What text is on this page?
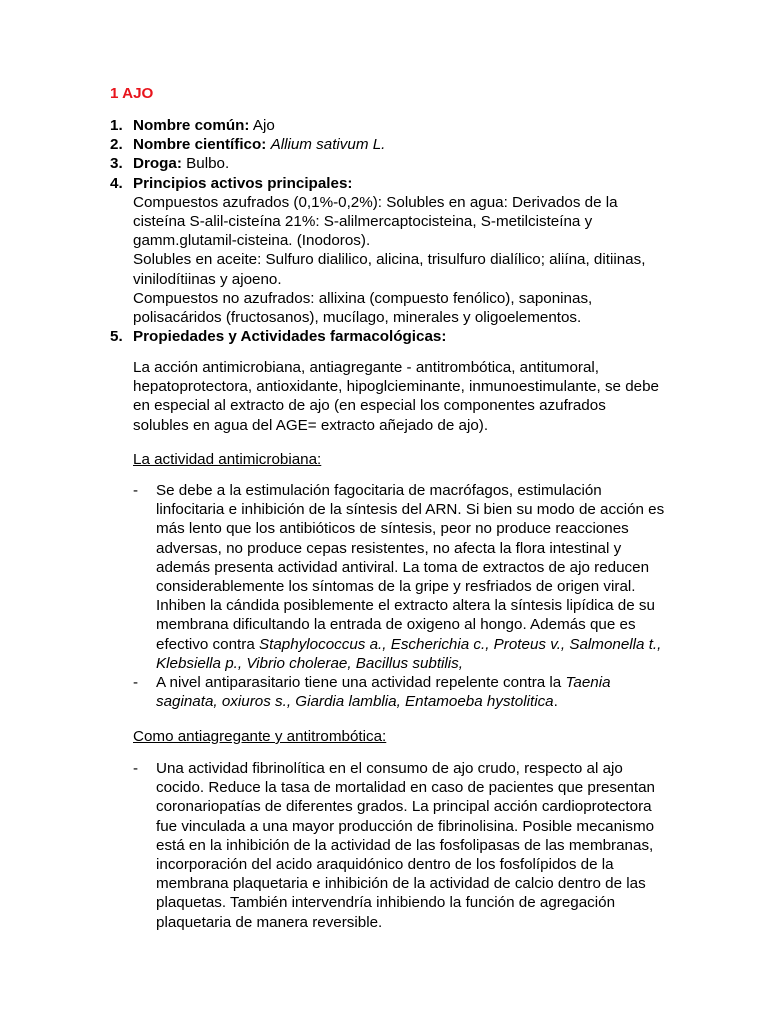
1 AJO
1. Nombre común: Ajo
2. Nombre científico: Allium sativum L.
3. Droga: Bulbo.
4. Principios activos principales:
Compuestos azufrados (0,1%-0,2%): Solubles en agua: Derivados de la cisteína S-alil-cisteína 21%: S-alilmercaptocisteina, S-metilcisteína y gamm.glutamil-cisteina. (Inodoros).
Solubles en aceite: Sulfuro dialilico, alicina, trisulfuro dialílico; aliína, ditiinas, vinilodítiinas y ajoeno.
Compuestos no azufrados: allixina (compuesto fenólico), saponinas, polisacáridos (fructosanos), mucílago, minerales y oligoelementos.
5. Propiedades y Actividades farmacológicas:
La acción antimicrobiana, antiagregante - antitrombótica, antitumoral, hepatoprotectora, antioxidante, hipoglcieminante, inmunoestimulante, se debe en especial al extracto de ajo (en especial los componentes azufrados solubles en agua del AGE= extracto añejado de ajo).

La actividad antimicrobiana:

- Se debe a la estimulación fagocitaria de macrófagos, estimulación linfocitaria e inhibición de la síntesis del ARN. Si bien su modo de acción es más lento que los antibióticos de síntesis, peor no produce reacciones adversas, no produce cepas resistentes, no afecta la flora intestinal y además presenta actividad antiviral. La toma de extractos de ajo reducen considerablemente los síntomas de la gripe y resfriados de origen viral. Inhiben la cándida posiblemente el extracto altera la síntesis lipídica de su membrana dificultando la entrada de oxigeno al hongo. Además que es efectivo contra Staphylococcus a., Escherichia c., Proteus v., Salmonella t., Klebsiella p., Vibrio cholerae, Bacillus subtilis,
- A nivel antiparasitario tiene una actividad repelente contra la Taenia saginata, oxiuros s., Giardia lamblia, Entamoeba hystolitica.

Como antiagregante y antitrombótica:

- Una actividad fibrinolítica en el consumo de ajo crudo, respecto al ajo cocido. Reduce la tasa de mortalidad en caso de pacientes que presentan coronariopatías de diferentes grados. La principal acción cardioprotectora fue vinculada a una mayor producción de fibrinolisina. Posible mecanismo está en la inhibición de la actividad de las fosfolipasas de las membranas, incorporación del acido araquidónico dentro de los fosfolípidos de la membrana plaquetaria e inhibición de la actividad de calcio dentro de las plaquetas. También intervendría inhibiendo la función de agregación plaquetaria de manera reversible.
